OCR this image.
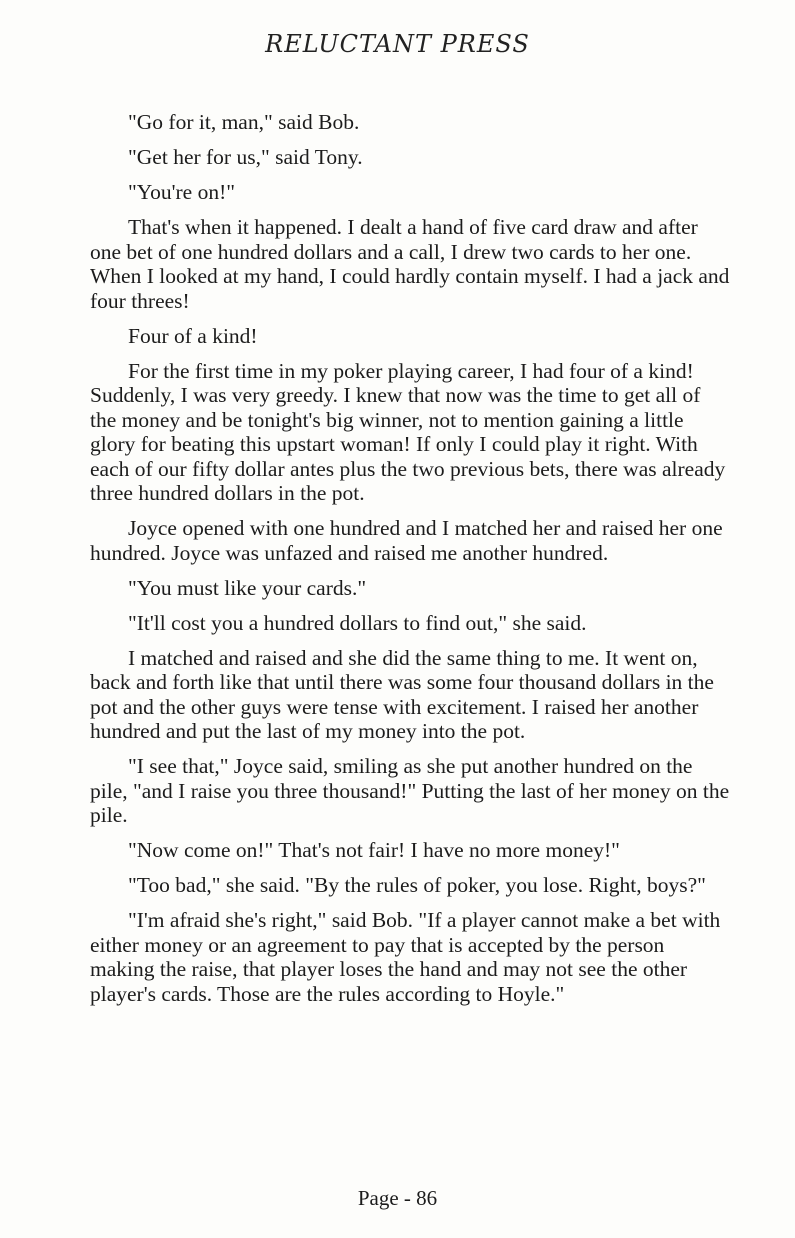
RELUCTANT PRESS

"Go for it, man," said Bob.

"Get her for us," said Tony.

"You're on!"

That's when it happened. I dealt a hand of five card draw and after one bet of one hundred dollars and a call, I drew two cards to her one. When I looked at my hand, I could hardly contain myself. I had a jack and four threes!

Four of a kind!

For the first time in my poker playing career, I had four of a kind! Suddenly, I was very greedy. I knew that now was the time to get all of the money and be tonight's big winner, not to mention gaining a little glory for beating this upstart woman! If only I could play it right. With each of our fifty dollar antes plus the two previous bets, there was already three hundred dollars in the pot.

Joyce opened with one hundred and I matched her and raised her one hundred. Joyce was unfazed and raised me another hundred.

"You must like your cards."

"It'll cost you a hundred dollars to find out," she said.

I matched and raised and she did the same thing to me. It went on, back and forth like that until there was some four thousand dollars in the pot and the other guys were tense with excitement. I raised her another hundred and put the last of my money into the pot.

"I see that," Joyce said, smiling as she put another hundred on the pile, "and I raise you three thousand!" Putting the last of her money on the pile.

"Now come on!" That's not fair! I have no more money!"

"Too bad," she said. "By the rules of poker, you lose. Right, boys?"

"I'm afraid she's right," said Bob. "If a player cannot make a bet with either money or an agreement to pay that is accepted by the person making the raise, that player loses the hand and may not see the other player's cards. Those are the rules according to Hoyle."

Page - 86
